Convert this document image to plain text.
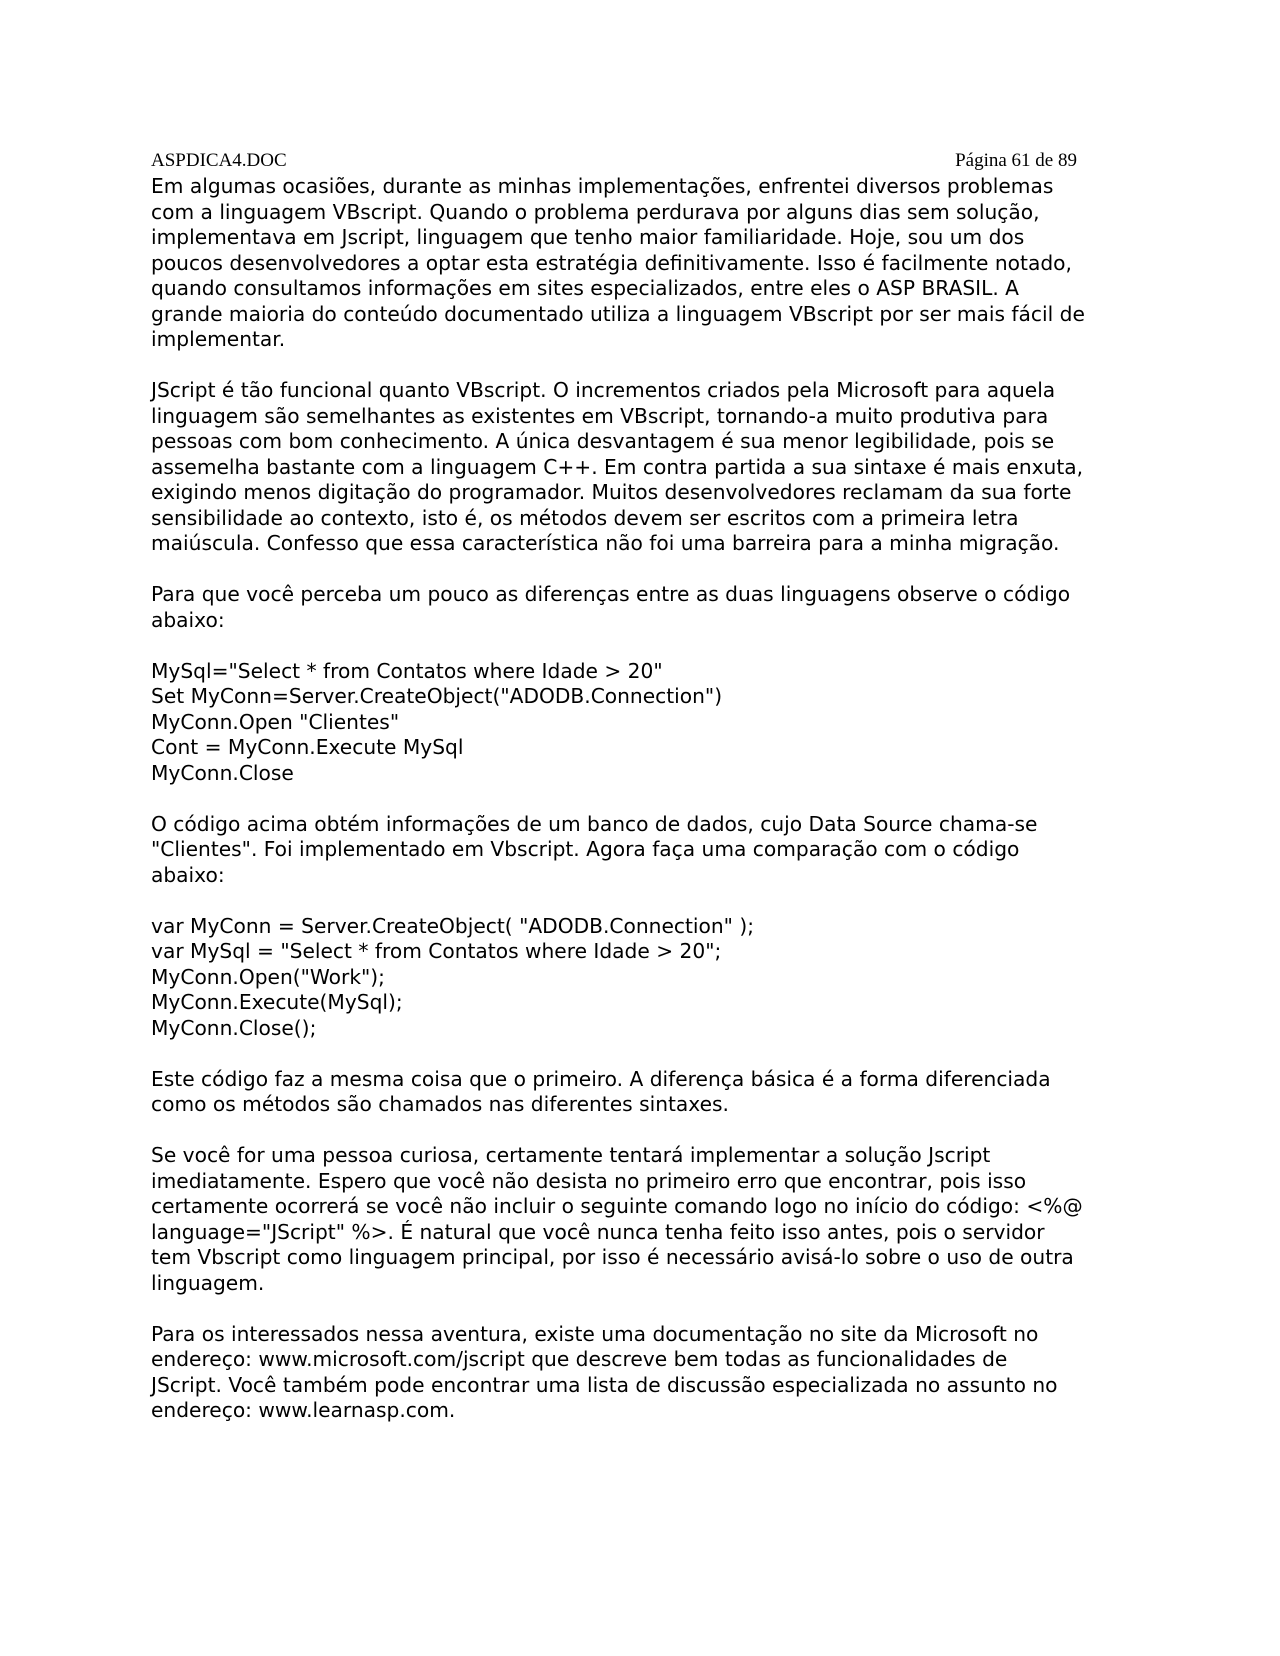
ASPDICA4.DOC	Página 61 de 89

Em algumas ocasiões, durante as minhas implementações, enfrentei diversos problemas
com a linguagem VBscript. Quando o problema perdurava por alguns dias sem solução,
implementava em Jscript, linguagem que tenho maior familiaridade. Hoje, sou um dos
poucos desenvolvedores a optar esta estratégia definitivamente. Isso é facilmente notado,
quando consultamos informações em sites especializados, entre eles o ASP BRASIL. A
grande maioria do conteúdo documentado utiliza a linguagem VBscript por ser mais fácil de
implementar.

JScript é tão funcional quanto VBscript. O incrementos criados pela Microsoft para aquela
linguagem são semelhantes as existentes em VBscript, tornando-a muito produtiva para
pessoas com bom conhecimento. A única desvantagem é sua menor legibilidade, pois se
assemelha bastante com a linguagem C++. Em contra partida a sua sintaxe é mais enxuta,
exigindo menos digitação do programador. Muitos desenvolvedores reclamam da sua forte
sensibilidade ao contexto, isto é, os métodos devem ser escritos com a primeira letra
maiúscula. Confesso que essa característica não foi uma barreira para a minha migração.

Para que você perceba um pouco as diferenças entre as duas linguagens observe o código
abaixo:

MySql="Select * from Contatos where Idade > 20"
Set MyConn=Server.CreateObject("ADODB.Connection")
MyConn.Open "Clientes"
Cont = MyConn.Execute MySql
MyConn.Close

O código acima obtém informações de um banco de dados, cujo Data Source chama-se
"Clientes". Foi implementado em Vbscript. Agora faça uma comparação com o código
abaixo:

var MyConn = Server.CreateObject( "ADODB.Connection" );
var MySql = "Select * from Contatos where Idade > 20";
MyConn.Open("Work");
MyConn.Execute(MySql);
MyConn.Close();

Este código faz a mesma coisa que o primeiro. A diferença básica é a forma diferenciada
como os métodos são chamados nas diferentes sintaxes.

Se você for uma pessoa curiosa, certamente tentará implementar a solução Jscript
imediatamente. Espero que você não desista no primeiro erro que encontrar, pois isso
certamente ocorrerá se você não incluir o seguinte comando logo no início do código: <%@
language="JScript" %>. É natural que você nunca tenha feito isso antes, pois o servidor
tem Vbscript como linguagem principal, por isso é necessário avisá-lo sobre o uso de outra
linguagem.

Para os interessados nessa aventura, existe uma documentação no site da Microsoft no
endereço: www.microsoft.com/jscript que descreve bem todas as funcionalidades de
JScript. Você também pode encontrar uma lista de discussão especializada no assunto no
endereço: www.learnasp.com.
